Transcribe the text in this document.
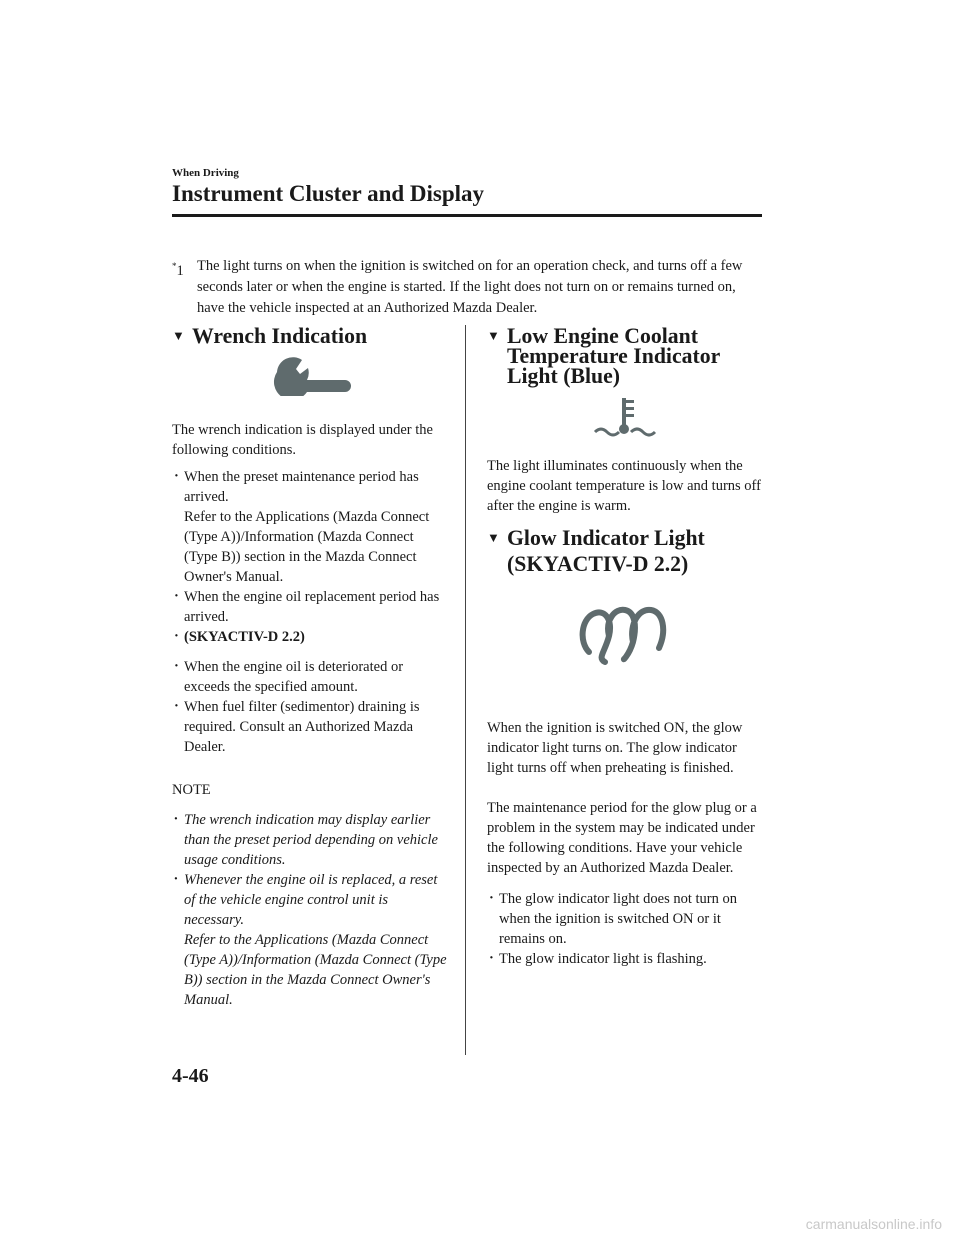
When Driving
Instrument Cluster and Display
*1 The light turns on when the ignition is switched on for an operation check, and turns off a few seconds later or when the engine is started. If the light does not turn on or remains turned on, have the vehicle inspected at an Authorized Mazda Dealer.
▼ Wrench Indication

The wrench indication is displayed under the following conditions.

· When the preset maintenance period has arrived.
Refer to the Applications (Mazda Connect (Type A))/Information (Mazda Connect (Type B)) section in the Mazda Connect Owner's Manual.
· When the engine oil replacement period has arrived.
· (SKYACTIV-D 2.2)
· When the engine oil is deteriorated or exceeds the specified amount.
· When fuel filter (sedimentor) draining is required. Consult an Authorized Mazda Dealer.

NOTE

· The wrench indication may display earlier than the preset period depending on vehicle usage conditions.
· Whenever the engine oil is replaced, a reset of the vehicle engine control unit is necessary.
Refer to the Applications (Mazda Connect (Type A))/Information (Mazda Connect (Type B)) section in the Mazda Connect Owner's Manual.
▼ Low Engine Coolant Temperature Indicator Light (Blue)

The light illuminates continuously when the engine coolant temperature is low and turns off after the engine is warm.

▼ Glow Indicator Light
(SKYACTIV-D 2.2)

When the ignition is switched ON, the glow indicator light turns on. The glow indicator light turns off when preheating is finished.

The maintenance period for the glow plug or a problem in the system may be indicated under the following conditions. Have your vehicle inspected by an Authorized Mazda Dealer.

· The glow indicator light does not turn on when the ignition is switched ON or it remains on.
· The glow indicator light is flashing.
4-46
carmanualsonline.info
